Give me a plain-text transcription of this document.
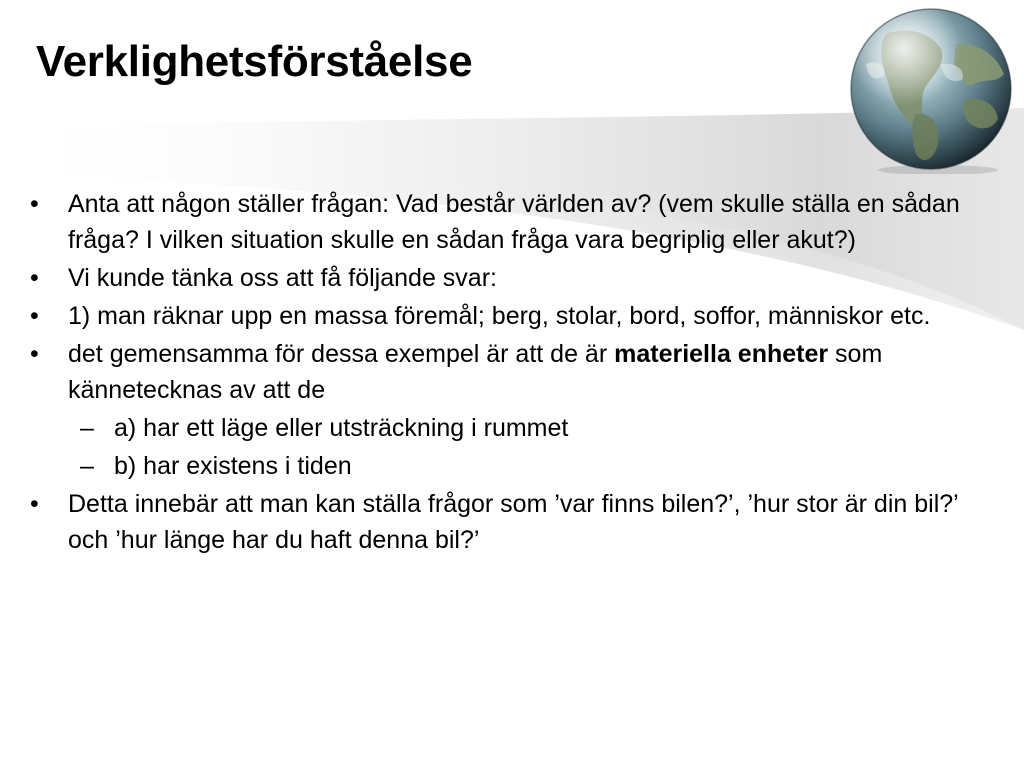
Verklighetsförståelse
• Anta att någon ställer frågan: Vad består världen av? (vem skulle ställa en sådan fråga? I vilken situation skulle en sådan fråga vara begriplig eller akut?)
• Vi kunde tänka oss att få följande svar:
• 1) man räknar upp en massa föremål; berg, stolar, bord, soffor, människor etc.
• det gemensamma för dessa exempel är att de är materiella enheter som kännetecknas av att de
– a) har ett läge eller utsträckning i rummet
– b) har existens i tiden
• Detta innebär att man kan ställa frågor som ’var finns bilen?’, ’hur stor är din bil?’ och ’hur länge har du haft denna bil?’
